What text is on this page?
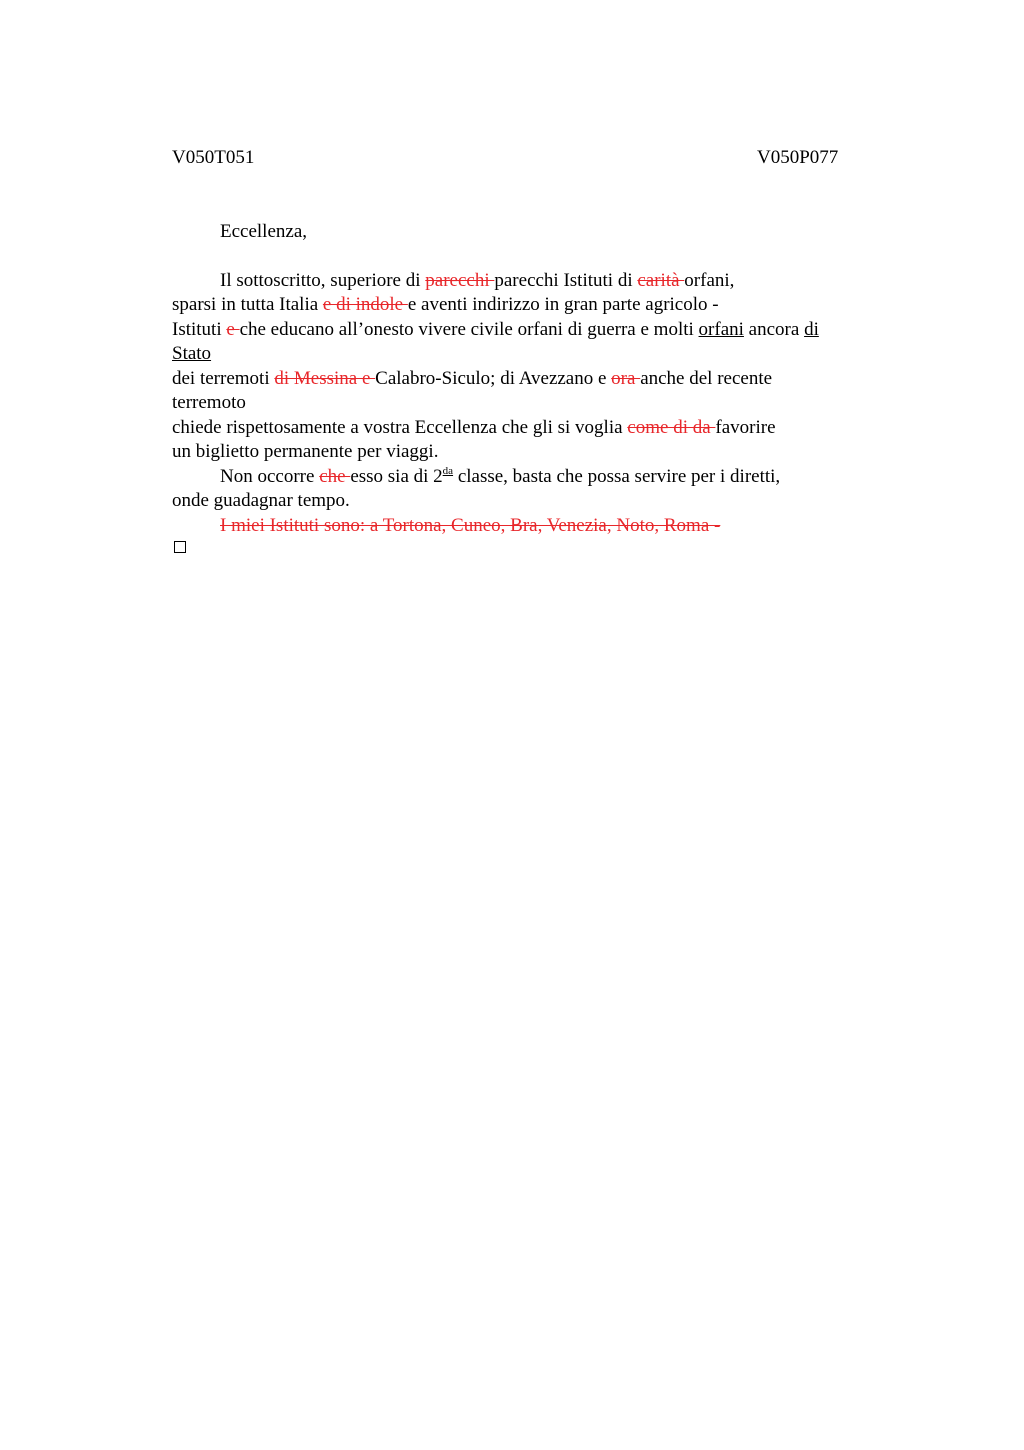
V050T051	V050P077
Eccellenza,
Il sottoscritto, superiore di parecchi parecchi Istituti di carità orfani,
sparsi in tutta Italia e di indole e aventi indirizzo in gran parte agricolo -
Istituti e che educano all’onesto vivere civile orfani di guerra e molti orfani ancora di
Stato
dei terremoti di Messina e Calabro-Siculo; di Avezzano e ora anche del recente
terremoto
chiede rispettosamente a vostra Eccellenza che gli si voglia come di da favorire
un biglietto permanente per viaggi.
Non occorre che esso sia di $2^{da}$ classe, basta che possa servire per i diretti,
onde guadagnar tempo.
I miei Istituti sono: a Tortona, Cuneo, Bra, Venezia, Noto, Roma -
